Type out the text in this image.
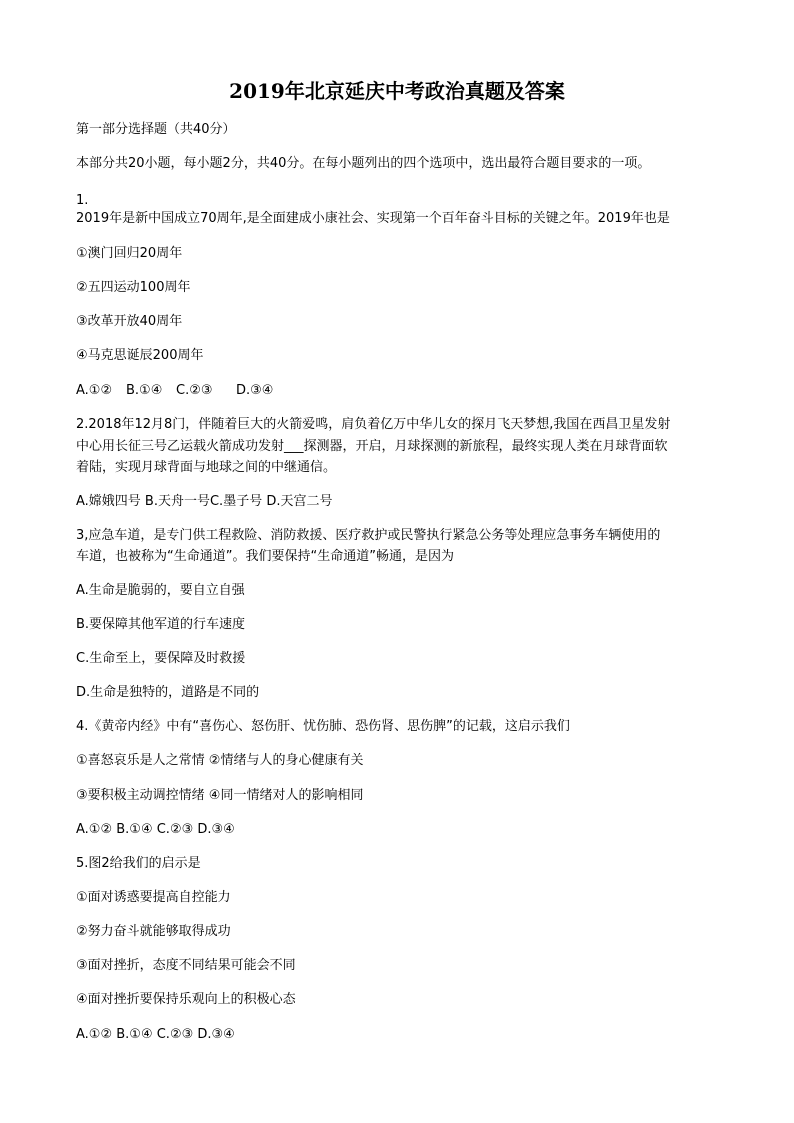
2019年北京延庆中考政治真题及答案
第一部分选择题（共40分）
本部分共20小题，每小题2分，共40分。在每小题列出的四个选项中，选出最符合题目要求的一项。
1.
2019年是新中国成立70周年,是全面建成小康社会、实现第一个百年奋斗目标的关键之年。2019年也是
①澳门回归20周年
②五四运动100周年
③改革开放40周年
④马克思诞辰200周年
A.①② B.①④ C.②③ D.③④
2.2018年12月8门，伴随着巨大的火箭爱鸣，肩负着亿万中华儿女的探月飞天梦想,我国在西昌卫星发射
中心用长征三号乙运载火箭成功发射___探测器，开启，月球探测的新旅程，最终实现人类在月球背面软
着陆，实现月球背面与地球之间的中继通信。
A.嫦娥四号 B.天舟一号C.墨子号 D.天宫二号
3,应急车道，是专门供工程救险、消防救援、医疗救护或民警执行紧急公务等处理应急事务车辆使用的
车道，也被称为“生命通道”。我们要保持“生命通道”畅通，是因为
A.生命是脆弱的，要自立自强
B.要保障其他军道的行车速度
C.生命至上，要保障及时救援
D.生命是独特的，道路是不同的
4.《黄帝内经》中有“喜伤心、怒伤肝、忧伤肺、恐伤肾、思伤脾”的记载，这启示我们
①喜怒哀乐是人之常情 ②情绪与人的身心健康有关
③要积极主动调控情绪 ④同一情绪对人的影响相同
A.①② B.①④ C.②③ D.③④
5.图2给我们的启示是
①面对诱惑要提高自控能力
②努力奋斗就能够取得成功
③面对挫折，态度不同结果可能会不同
④面对挫折要保持乐观向上的积极心态
A.①② B.①④ C.②③ D.③④
